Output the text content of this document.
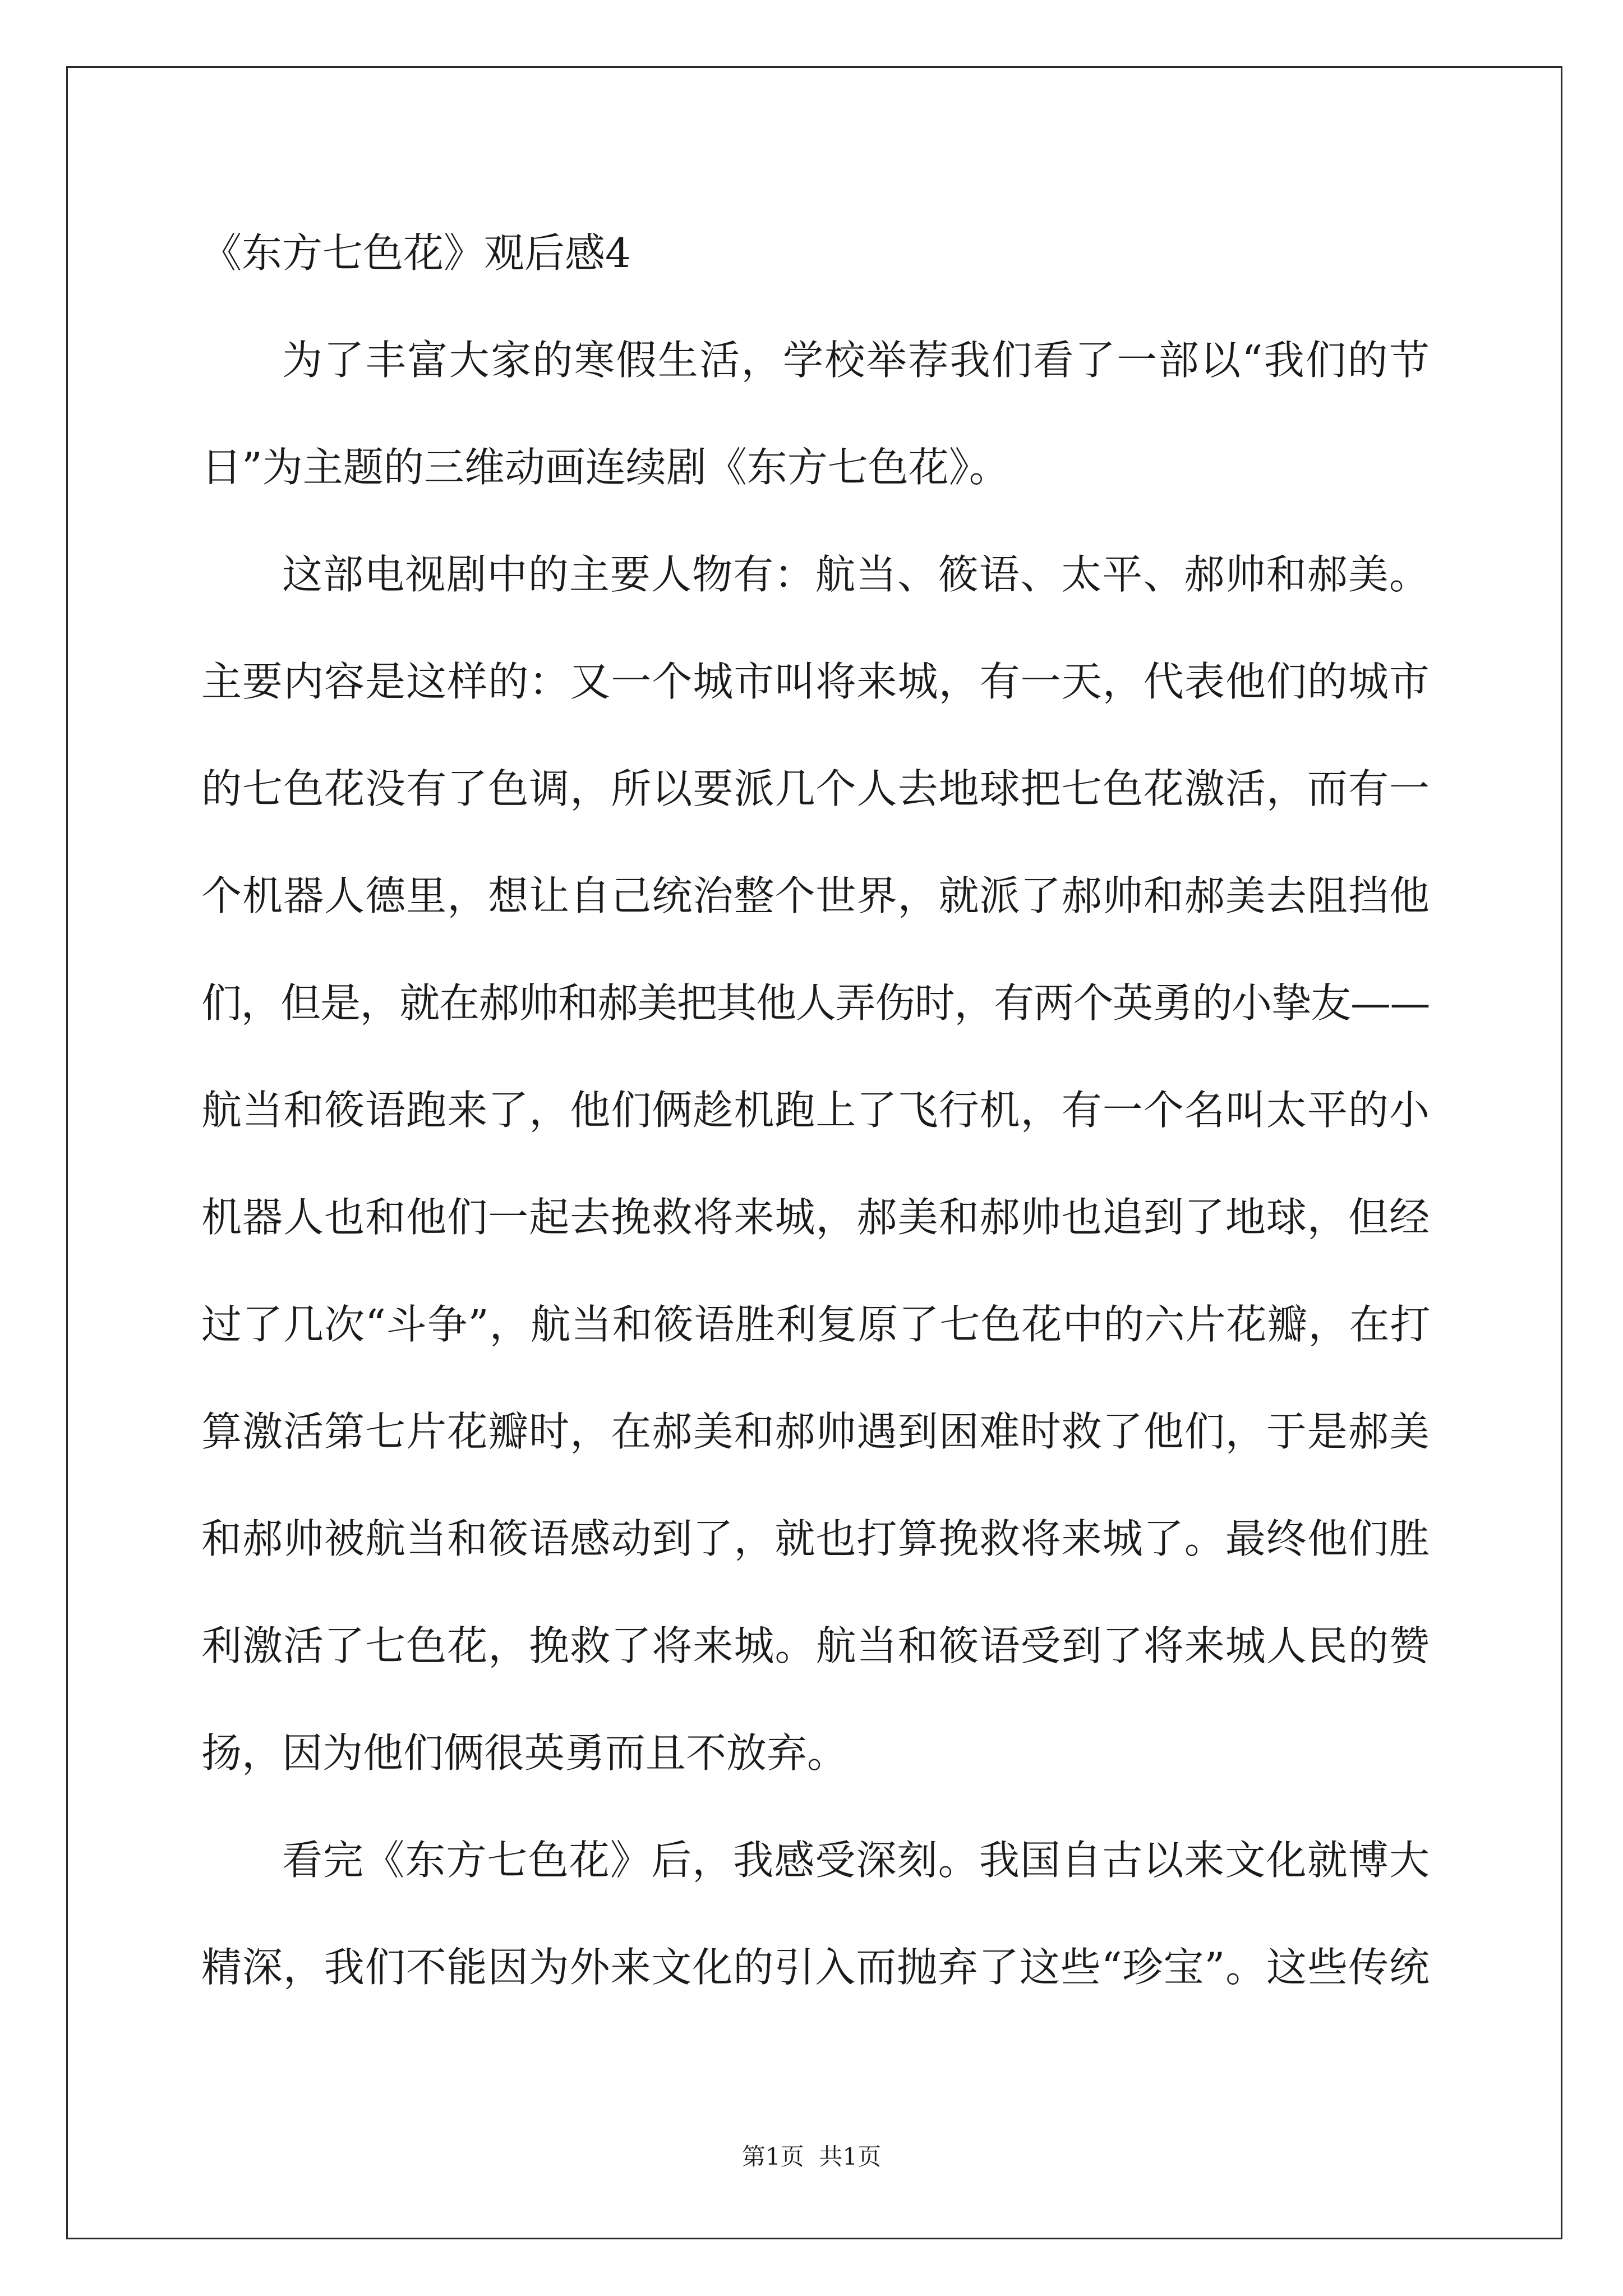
《东方七色花》观后感4
为了丰富大家的寒假生活，学校举荐我们看了一部以“我们的节
日”为主题的三维动画连续剧《东方七色花》。
这部电视剧中的主要人物有：航当、筱语、太平、郝帅和郝美。
主要内容是这样的：又一个城市叫将来城，有一天，代表他们的城市
的七色花没有了色调，所以要派几个人去地球把七色花激活，而有一
个机器人德里，想让自己统治整个世界，就派了郝帅和郝美去阻挡他
们，但是，就在郝帅和郝美把其他人弄伤时，有两个英勇的小挚友——
航当和筱语跑来了，他们俩趁机跑上了飞行机，有一个名叫太平的小
机器人也和他们一起去挽救将来城，郝美和郝帅也追到了地球，但经
过了几次“斗争”，航当和筱语胜利复原了七色花中的六片花瓣，在打
算激活第七片花瓣时，在郝美和郝帅遇到困难时救了他们，于是郝美
和郝帅被航当和筱语感动到了，就也打算挽救将来城了。最终他们胜
利激活了七色花，挽救了将来城。航当和筱语受到了将来城人民的赞
扬，因为他们俩很英勇而且不放弃。
看完《东方七色花》后，我感受深刻。我国自古以来文化就博大
精深，我们不能因为外来文化的引入而抛弃了这些“珍宝”。这些传统
第1页  共1页
